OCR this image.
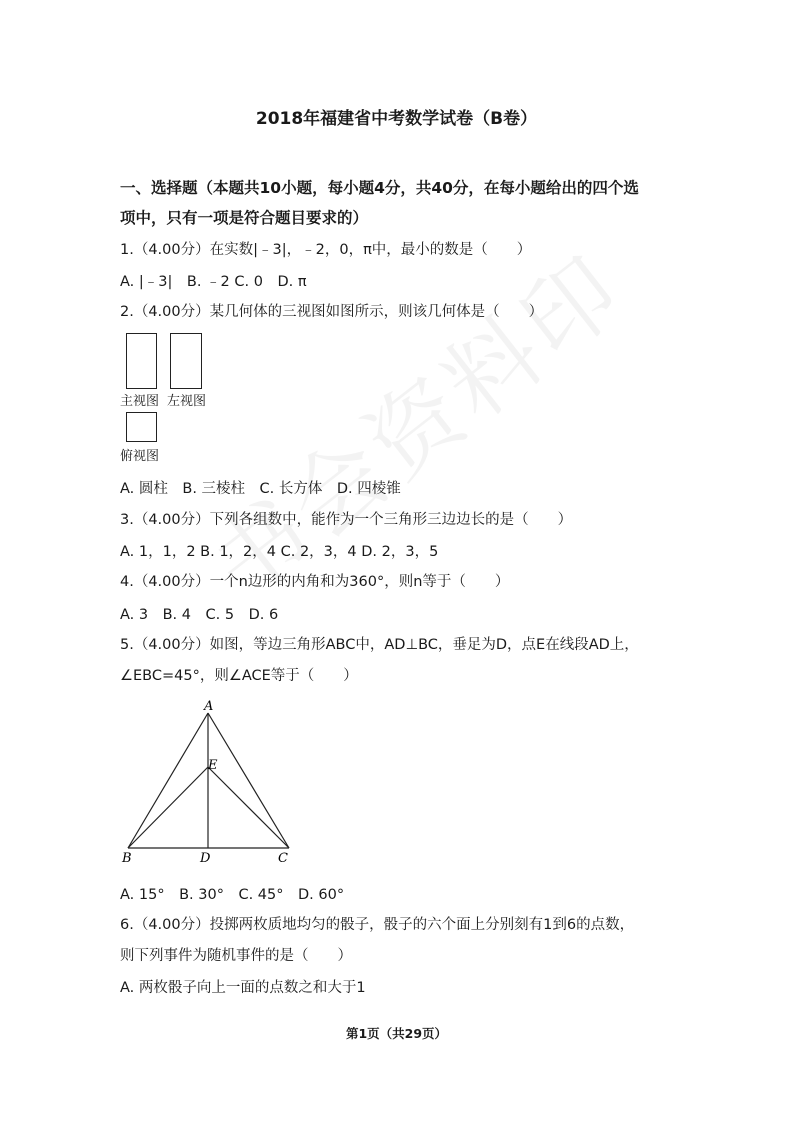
2018年福建省中考数学试卷（B卷）
一、选择题（本题共10小题，每小题4分，共40分，在每小题给出的四个选
项中，只有一项是符合题目要求的）
1.（4.00分）在实数|﹣3|，﹣2，0，π中，最小的数是（　　）
A. |﹣3|　B. ﹣2 C. 0　D. π
2.（4.00分）某几何体的三视图如图所示，则该几何体是（　　）
主视图 左视图
俯视图
A. 圆柱　B. 三棱柱　C. 长方体　D. 四棱锥
3.（4.00分）下列各组数中，能作为一个三角形三边边长的是（　　）
A. 1，1，2 B. 1，2，4 C. 2，3，4 D. 2，3，5
4.（4.00分）一个n边形的内角和为360°，则n等于（　　）
A. 3　B. 4　C. 5　D. 6
5.（4.00分）如图，等边三角形ABC中，AD⊥BC，垂足为D，点E在线段AD上，
∠EBC=45°，则∠ACE等于（　　）
A
E
B	D	C
A. 15°　B. 30°　C. 45°　D. 60°
6.（4.00分）投掷两枚质地均匀的骰子，骰子的六个面上分别刻有1到6的点数，
则下列事件为随机事件的是（　　）
A. 两枚骰子向上一面的点数之和大于1
第1页（共29页）
